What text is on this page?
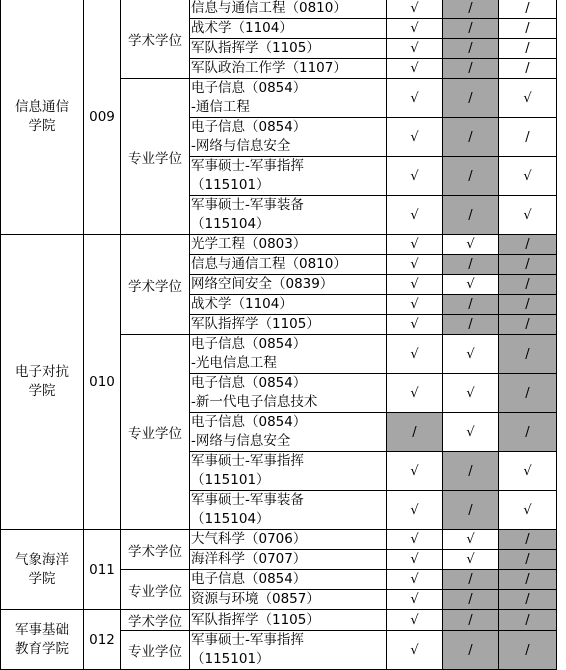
信息通信
学院	009	学术学位	信息与通信工程（0810）	√	/	/

			战术学（1104）	√	/	/

			军队指挥学（1105）	√	/	/

			军队政治工作学（1107）	√	/	/
		专业学位	电子信息（0854）
-通信工程	√	/	√

			电子信息（0854）
-网络与信息安全	√	/	/

			军事硕士-军事指挥
（115101）	√	/	√

			军事硕士-军事装备
（115104）	√	/	√

电子对抗
学院	010	学术学位	光学工程（0803）	√	√	/

			信息与通信工程（0810）	√	/	/

			网络空间安全（0839）	√	√	/

			战术学（1104）	√	/	/

			军队指挥学（1105）	√	/	/
		专业学位	电子信息（0854）
-光电信息工程	√	√	/

			电子信息（0854）
-新一代电子信息技术	√	√	/

			电子信息（0854）
-网络与信息安全	/	√	/

			军事硕士-军事指挥
（115101）	√	/	√

			军事硕士-军事装备
（115104）	√	/	√

气象海洋
学院	011	学术学位	大气科学（0706）	√	√	/

			海洋科学（0707）	√	√	/
		专业学位	电子信息（0854）	√	/	/

			资源与环境（0857）	√	/	/

军事基础
教育学院	012	学术学位	军队指挥学（1105）	√	/	/
		专业学位	军事硕士-军事指挥
（115101）	√	/	/
